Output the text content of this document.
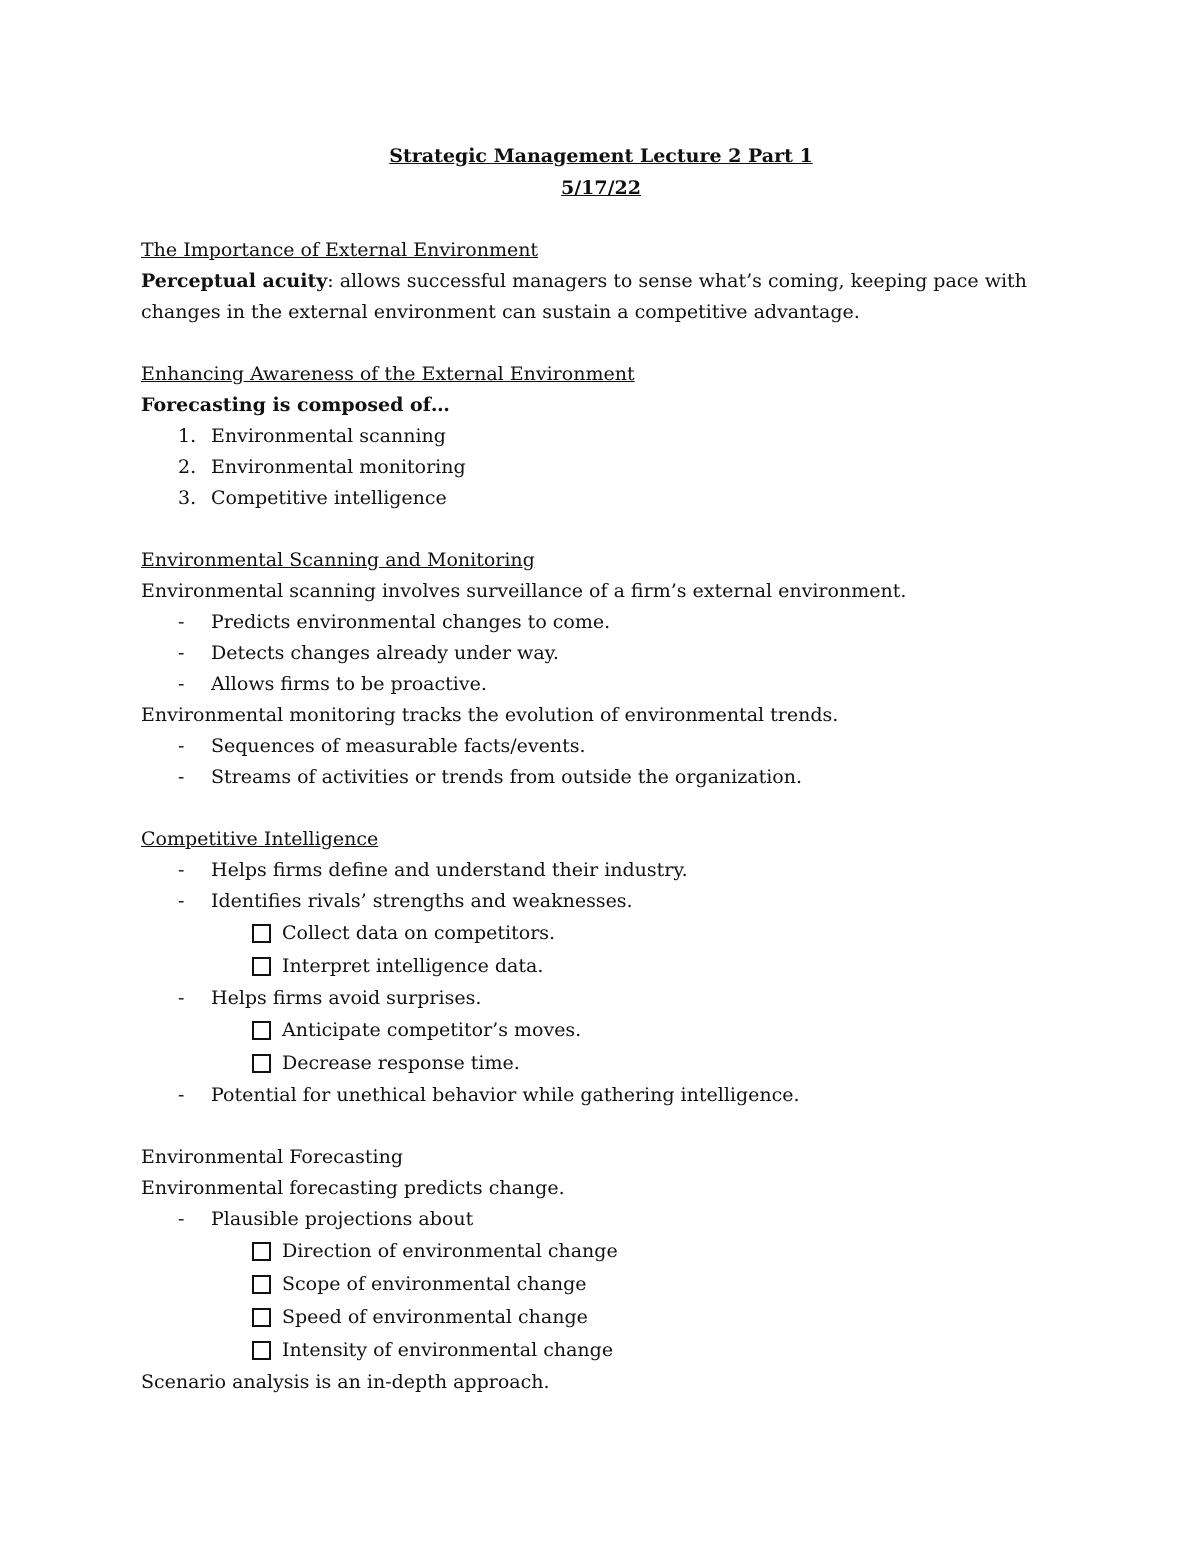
Strategic Management Lecture 2 Part 1
5/17/22
The Importance of External Environment

Perceptual acuity: allows successful managers to sense what’s coming, keeping pace with changes in the external environment can sustain a competitive advantage.

Enhancing Awareness of the External Environment
Forecasting is composed of…
1. Environmental scanning
2. Environmental monitoring
3. Competitive intelligence
Environmental Scanning and Monitoring
Environmental scanning involves surveillance of a firm’s external environment.
- Predicts environmental changes to come.
- Detects changes already under way.
- Allows firms to be proactive.
Environmental monitoring tracks the evolution of environmental trends.
- Sequences of measurable facts/events.
- Streams of activities or trends from outside the organization.
Competitive Intelligence
- Helps firms define and understand their industry.
- Identifies rivals’ strengths and weaknesses.
Collect data on competitors.
Interpret intelligence data.
- Helps firms avoid surprises.
Anticipate competitor’s moves.
Decrease response time.
- Potential for unethical behavior while gathering intelligence.
Environmental Forecasting
Environmental forecasting predicts change.
- Plausible projections about
Direction of environmental change
Scope of environmental change
Speed of environmental change
Intensity of environmental change
Scenario analysis is an in-depth approach.
